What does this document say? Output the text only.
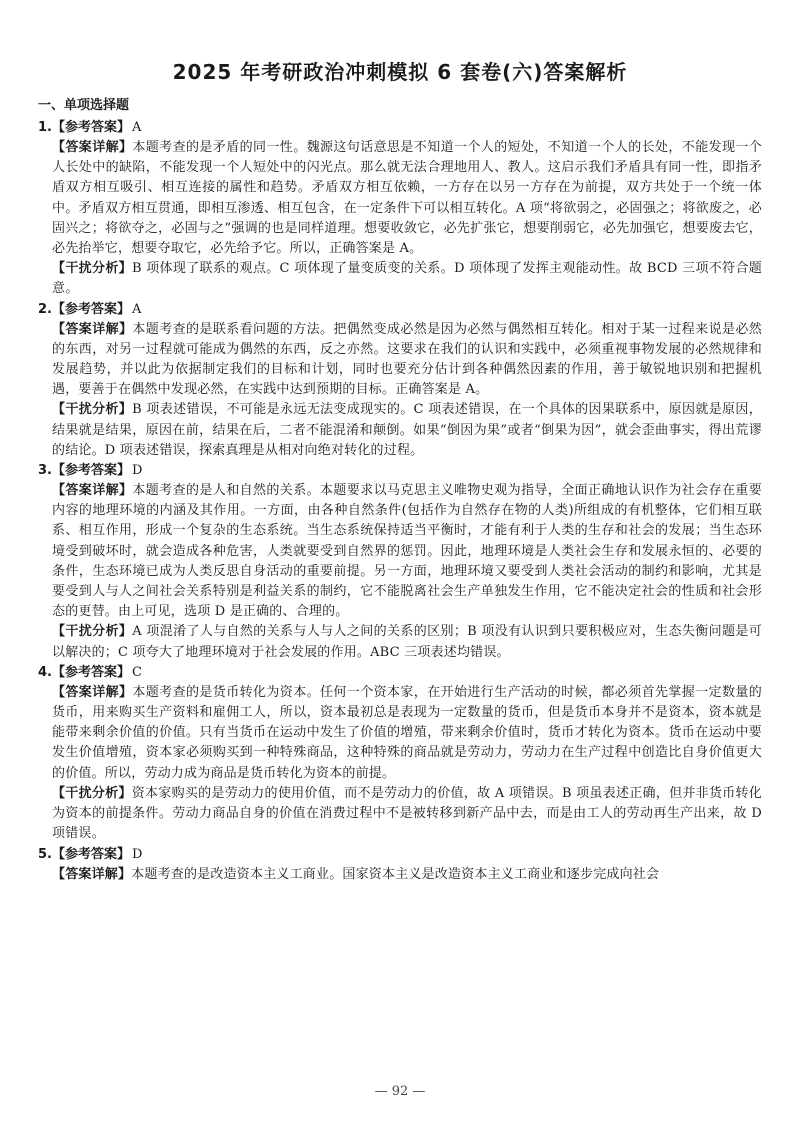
2025 年考研政治冲刺模拟 6 套卷(六)答案解析
一、单项选择题
1.【参考答案】 A

【答案详解】本题考查的是矛盾的同一性。魏源这句话意思是不知道一个人的短处，不知道一个人的长处，不能发现一个人长处中的缺陷，不能发现一个人短处中的闪光点。那么就无法合理地用人、教人。这启示我们矛盾具有同一性，即指矛盾双方相互吸引、相互连接的属性和趋势。矛盾双方相互依赖，一方存在以另一方存在为前提，双方共处于一个统一体中。矛盾双方相互贯通，即相互渗透、相互包含，在一定条件下可以相互转化。A 项“将欲弱之，必固强之；将欲废之，必固兴之；将欲夺之，必固与之”强调的也是同样道理。想要收敛它，必先扩张它，想要削弱它，必先加强它，想要废去它，必先抬举它，想要夺取它，必先给予它。所以，正确答案是 A。

【干扰分析】B 项体现了联系的观点。C 项体现了量变质变的关系。D 项体现了发挥主观能动性。故 BCD 三项不符合题意。

2.【参考答案】 A

【答案详解】本题考查的是联系看问题的方法。把偶然变成必然是因为必然与偶然相互转化。相对于某一过程来说是必然的东西，对另一过程就可能成为偶然的东西，反之亦然。这要求在我们的认识和实践中，必须重视事物发展的必然规律和发展趋势，并以此为依据制定我们的目标和计划，同时也要充分估计到各种偶然因素的作用，善于敏锐地识别和把握机遇，要善于在偶然中发现必然，在实践中达到预期的目标。正确答案是 A。

【干扰分析】B 项表述错误，不可能是永远无法变成现实的。C 项表述错误，在一个具体的因果联系中，原因就是原因，结果就是结果，原因在前，结果在后，二者不能混淆和颠倒。如果“倒因为果”或者“倒果为因”，就会歪曲事实，得出荒谬的结论。D 项表述错误，探索真理是从相对向绝对转化的过程。

3.【参考答案】 D

【答案详解】本题考查的是人和自然的关系。本题要求以马克思主义唯物史观为指导，全面正确地认识作为社会存在重要内容的地理环境的内涵及其作用。一方面，由各种自然条件(包括作为自然存在物的人类)所组成的有机整体，它们相互联系、相互作用，形成一个复杂的生态系统。当生态系统保持适当平衡时，才能有利于人类的生存和社会的发展；当生态环境受到破坏时，就会造成各种危害，人类就要受到自然界的惩罚。因此，地理环境是人类社会生存和发展永恒的、必要的条件，生态环境已成为人类反思自身活动的重要前提。另一方面，地理环境又要受到人类社会活动的制约和影响，尤其是要受到人与人之间社会关系特别是利益关系的制约，它不能脱离社会生产单独发生作用，它不能决定社会的性质和社会形态的更替。由上可见，选项 D 是正确的、合理的。

【干扰分析】A 项混淆了人与自然的关系与人与人之间的关系的区别；B 项没有认识到只要积极应对，生态失衡问题是可以解决的；C 项夸大了地理环境对于社会发展的作用。ABC 三项表述均错误。

4.【参考答案】 C

【答案详解】本题考查的是货币转化为资本。任何一个资本家，在开始进行生产活动的时候，都必须首先掌握一定数量的货币，用来购买生产资料和雇佣工人，所以，资本最初总是表现为一定数量的货币，但是货币本身并不是资本，资本就是能带来剩余价值的价值。只有当货币在运动中发生了价值的增殖，带来剩余价值时，货币才转化为资本。货币在运动中要发生价值增殖，资本家必须购买到一种特殊商品，这种特殊的商品就是劳动力，劳动力在生产过程中创造比自身价值更大的价值。所以，劳动力成为商品是货币转化为资本的前提。

【干扰分析】资本家购买的是劳动力的使用价值，而不是劳动力的价值，故 A 项错误。B 项虽表述正确，但并非货币转化为资本的前提条件。劳动力商品自身的价值在消费过程中不是被转移到新产品中去，而是由工人的劳动再生产出来，故 D 项错误。

5.【参考答案】 D

【答案详解】本题考查的是改造资本主义工商业。国家资本主义是改造资本主义工商业和逐步完成向社会

— 92 —
